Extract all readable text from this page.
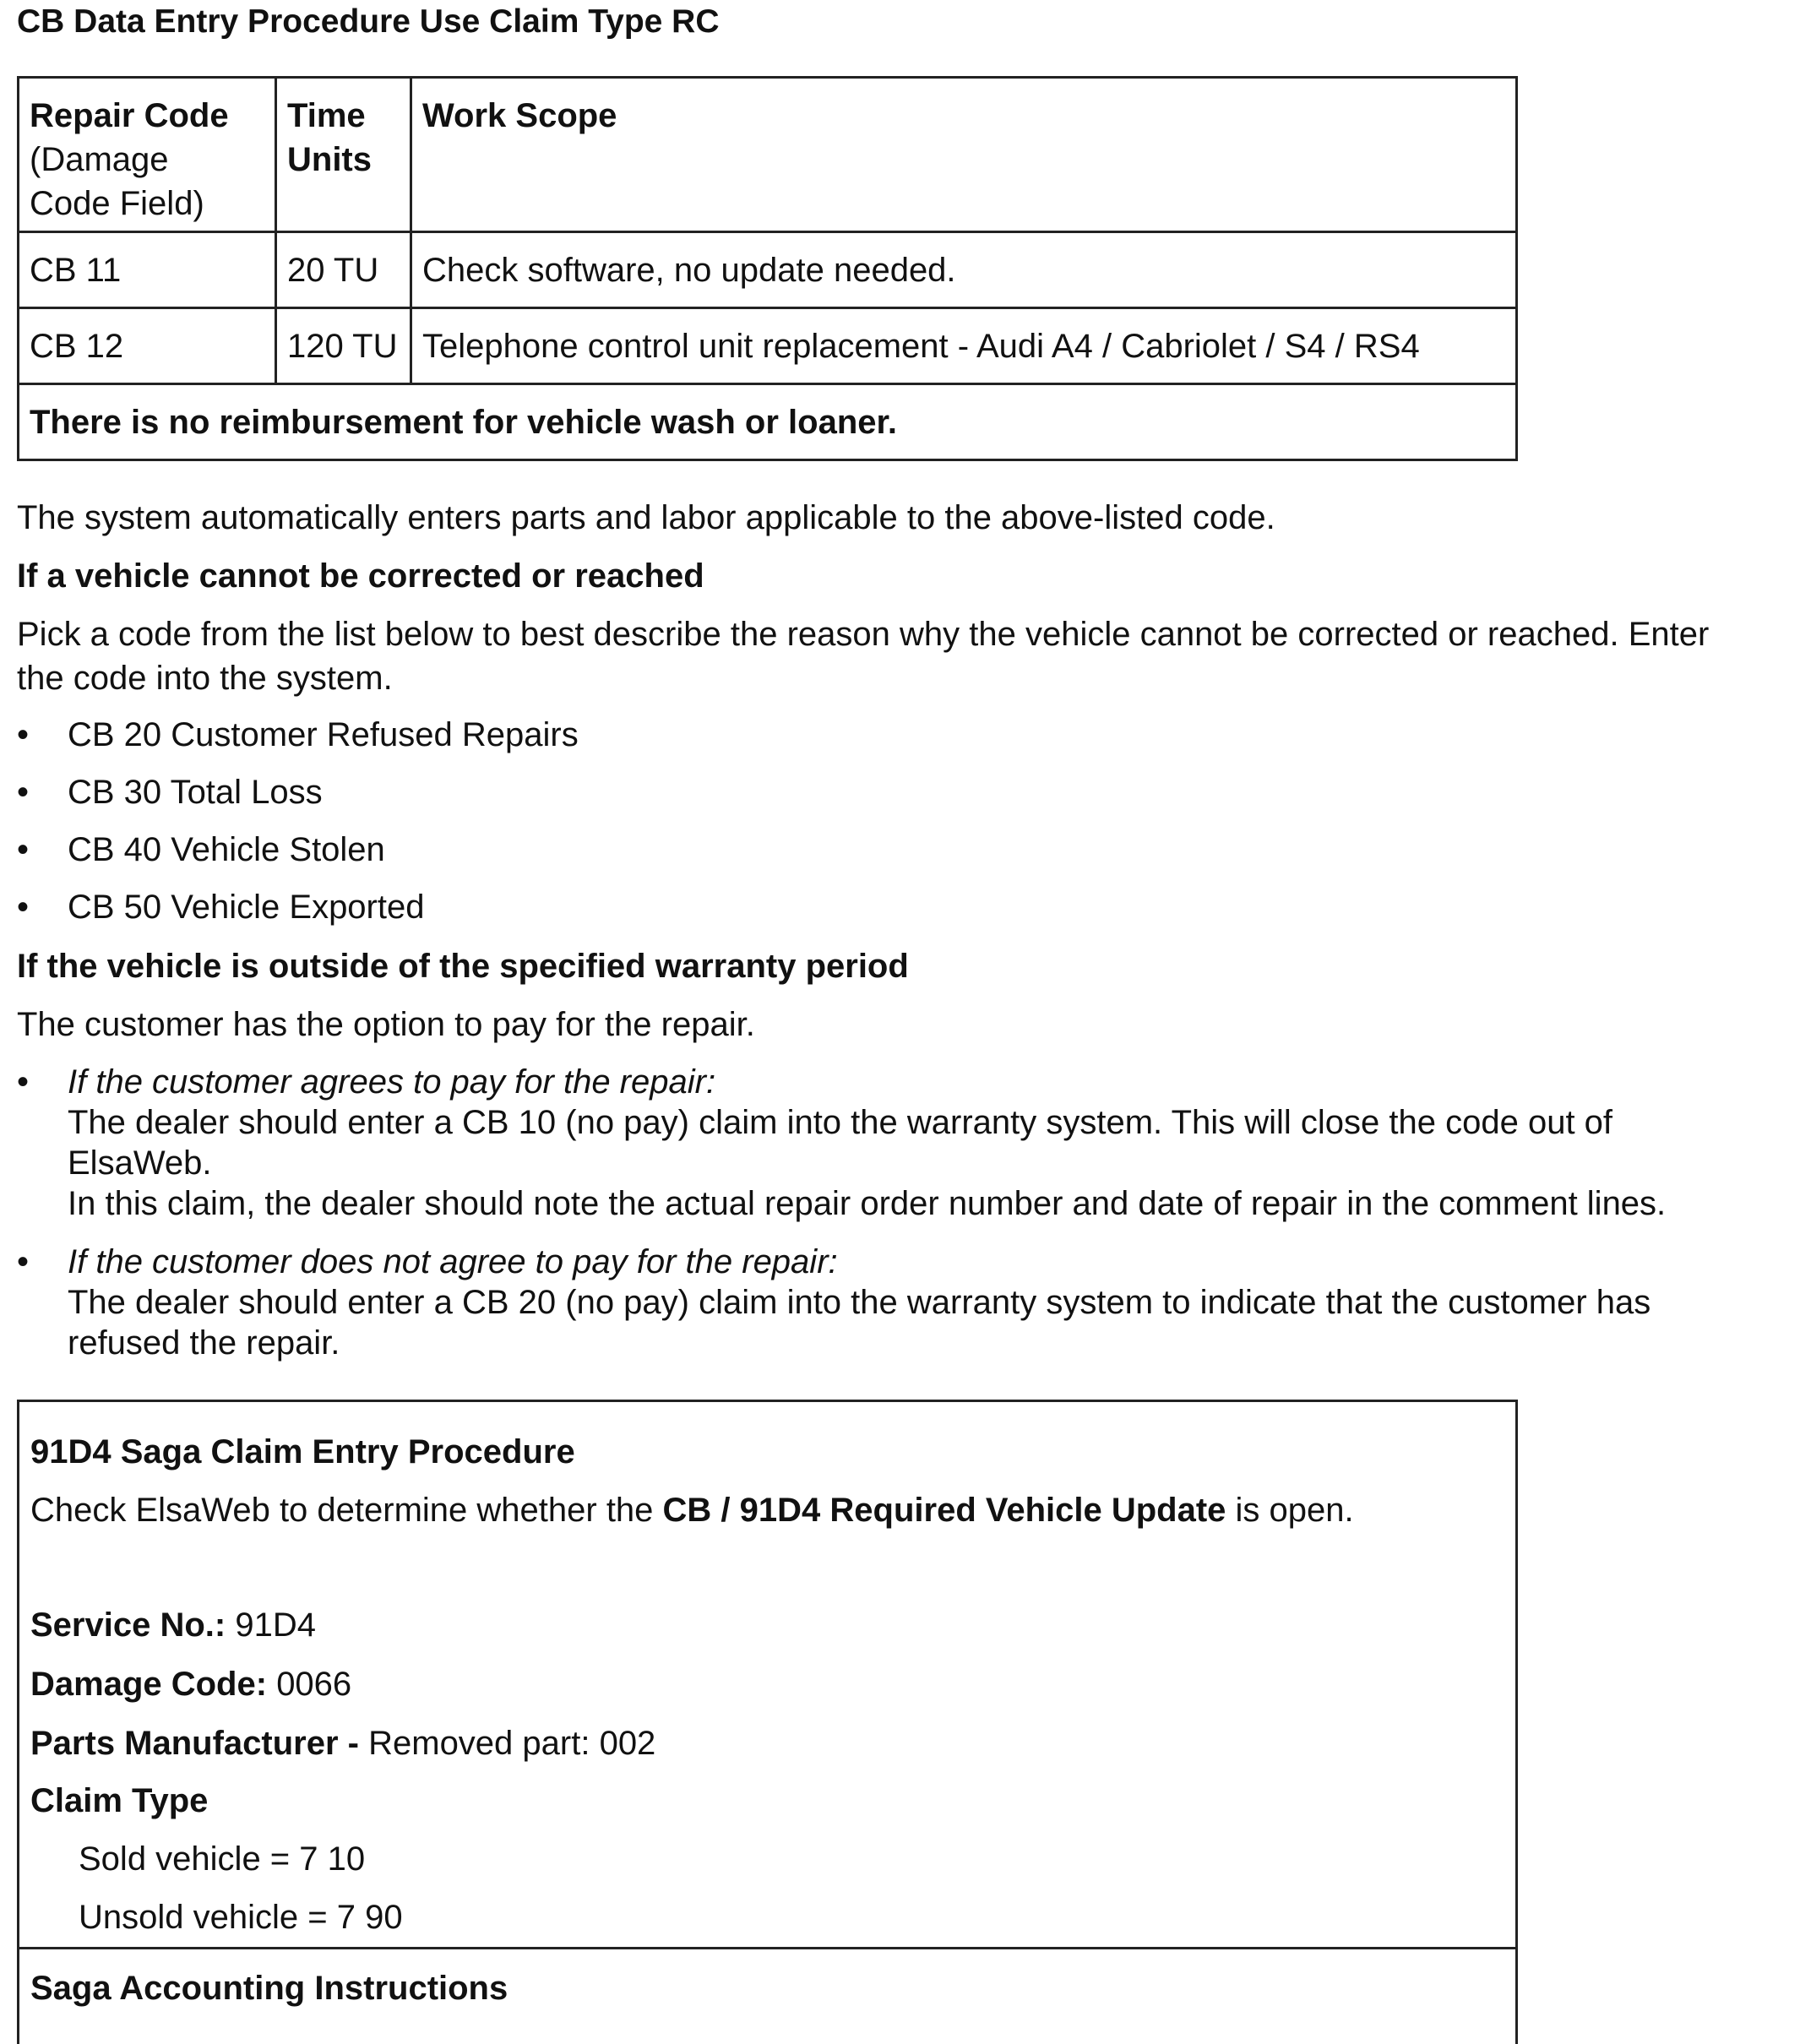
CB Data Entry Procedure Use Claim Type RC
Repair Code
(Damage Code Field)	Time Units	Work Scope
CB 11	20 TU	Check software, no update needed.
CB 12	120 TU	Telephone control unit replacement - Audi A4 / Cabriolet / S4 / RS4
There is no reimbursement for vehicle wash or loaner.		
The system automatically enters parts and labor applicable to the above-listed code.
If a vehicle cannot be corrected or reached
Pick a code from the list below to best describe the reason why the vehicle cannot be corrected or reached. Enter
the code into the system.
•	CB 20 Customer Refused Repairs
•	CB 30 Total Loss
•	CB 40 Vehicle Stolen
•	CB 50 Vehicle Exported
If the vehicle is outside of the specified warranty period
The customer has the option to pay for the repair.
•	If the customer agrees to pay for the repair:
The dealer should enter a CB 10 (no pay) claim into the warranty system. This will close the code out of
ElsaWeb.
In this claim, the dealer should note the actual repair order number and date of repair in the comment lines.
•	If the customer does not agree to pay for the repair:
The dealer should enter a CB 20 (no pay) claim into the warranty system to indicate that the customer has
refused the repair.
91D4 Saga Claim Entry Procedure
Check ElsaWeb to determine whether the CB / 91D4 Required Vehicle Update is open.
Service No.: 91D4
Damage Code: 0066
Parts Manufacturer - Removed part: 002
Claim Type
Sold vehicle = 7 10
Unsold vehicle = 7 90
Saga Accounting Instructions
